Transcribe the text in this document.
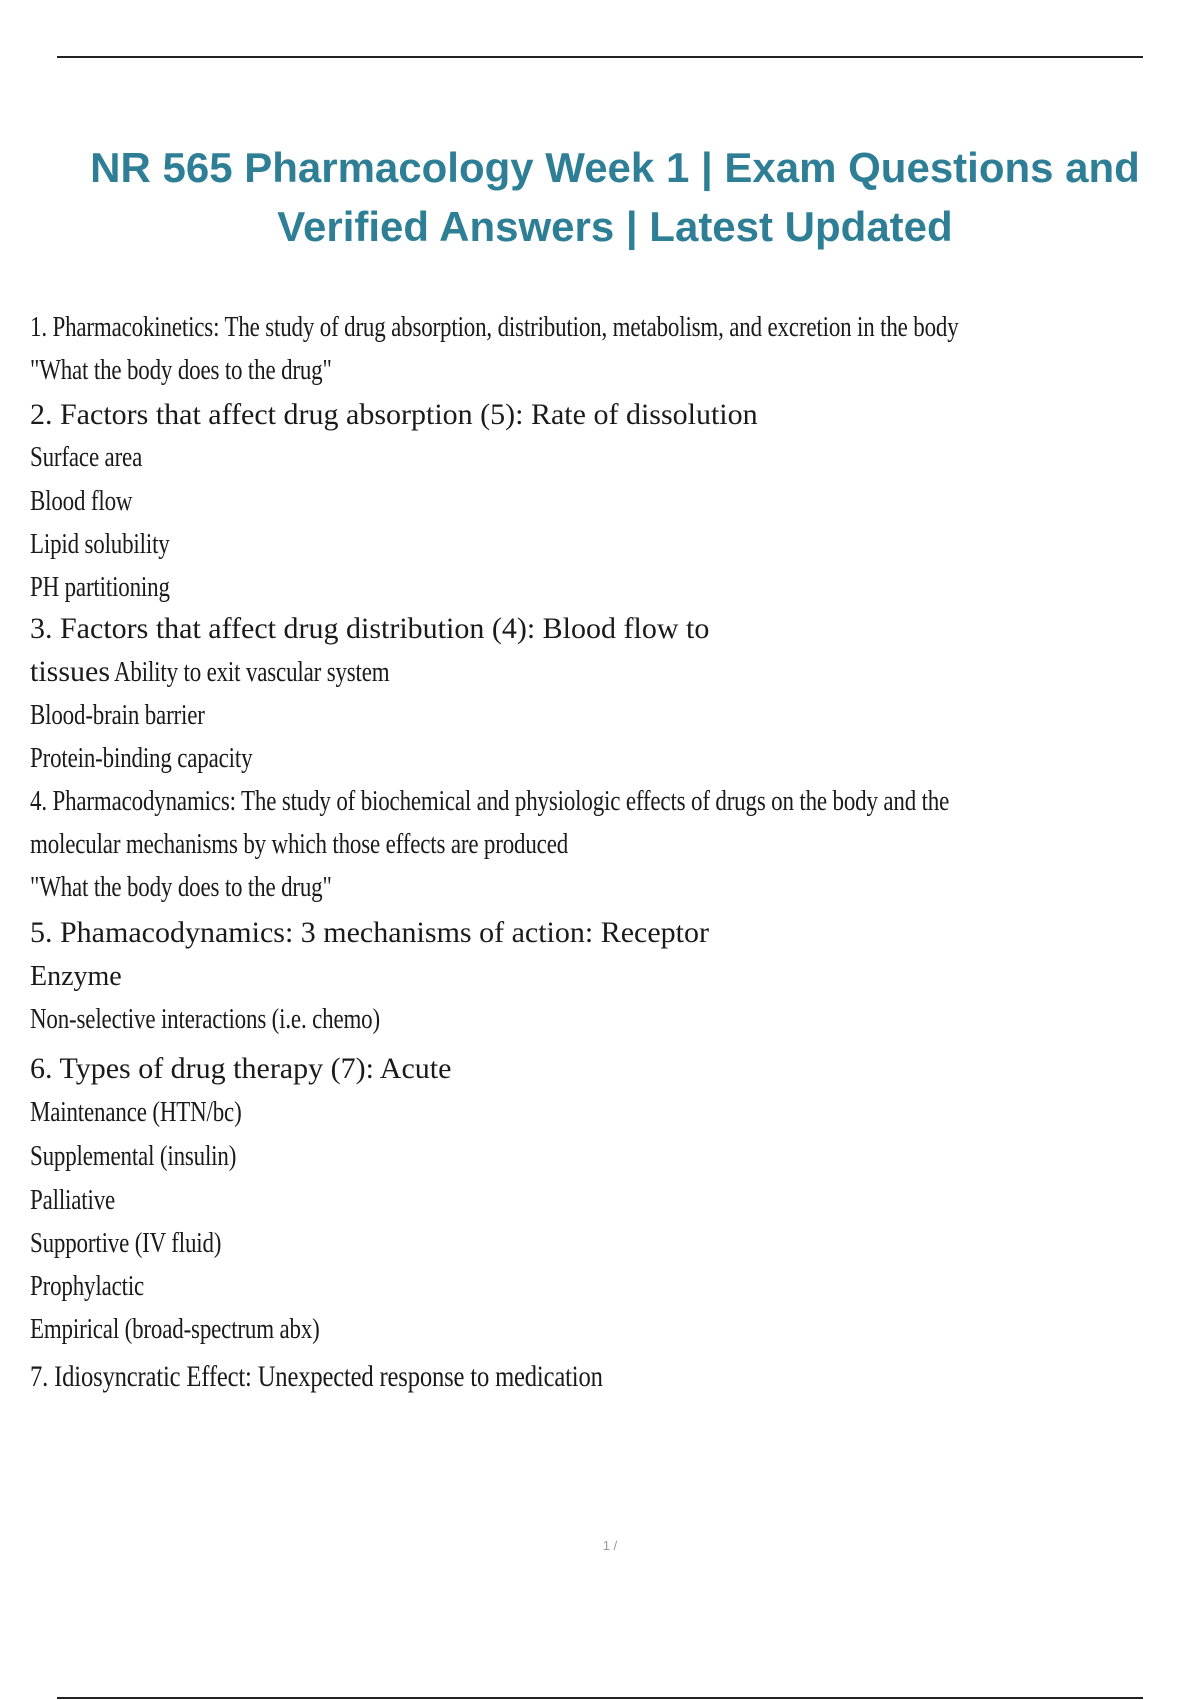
NR 565 Pharmacology Week 1 | Exam Questions and
Verified Answers | Latest Updated
1. Pharmacokinetics: The study of drug absorption, distribution, metabolism, and excretion in the body
"What the body does to the drug"
2. Factors that affect drug absorption (5): Rate of dissolution
Surface area
Blood flow
Lipid solubility
PH partitioning
3. Factors that affect drug distribution (4): Blood flow to
tissues Ability to exit vascular system
Blood-brain barrier
Protein-binding capacity
4. Pharmacodynamics: The study of biochemical and physiologic effects of drugs on the body and the
molecular mechanisms by which those effects are produced
"What the body does to the drug"
5. Phamacodynamics: 3 mechanisms of action: Receptor
Enzyme
Non-selective interactions (i.e. chemo)
6. Types of drug therapy (7): Acute
Maintenance (HTN/bc)
Supplemental (insulin)
Palliative
Supportive (IV fluid)
Prophylactic
Empirical (broad-spectrum abx)
7. Idiosyncratic Effect: Unexpected response to medication
1 /
